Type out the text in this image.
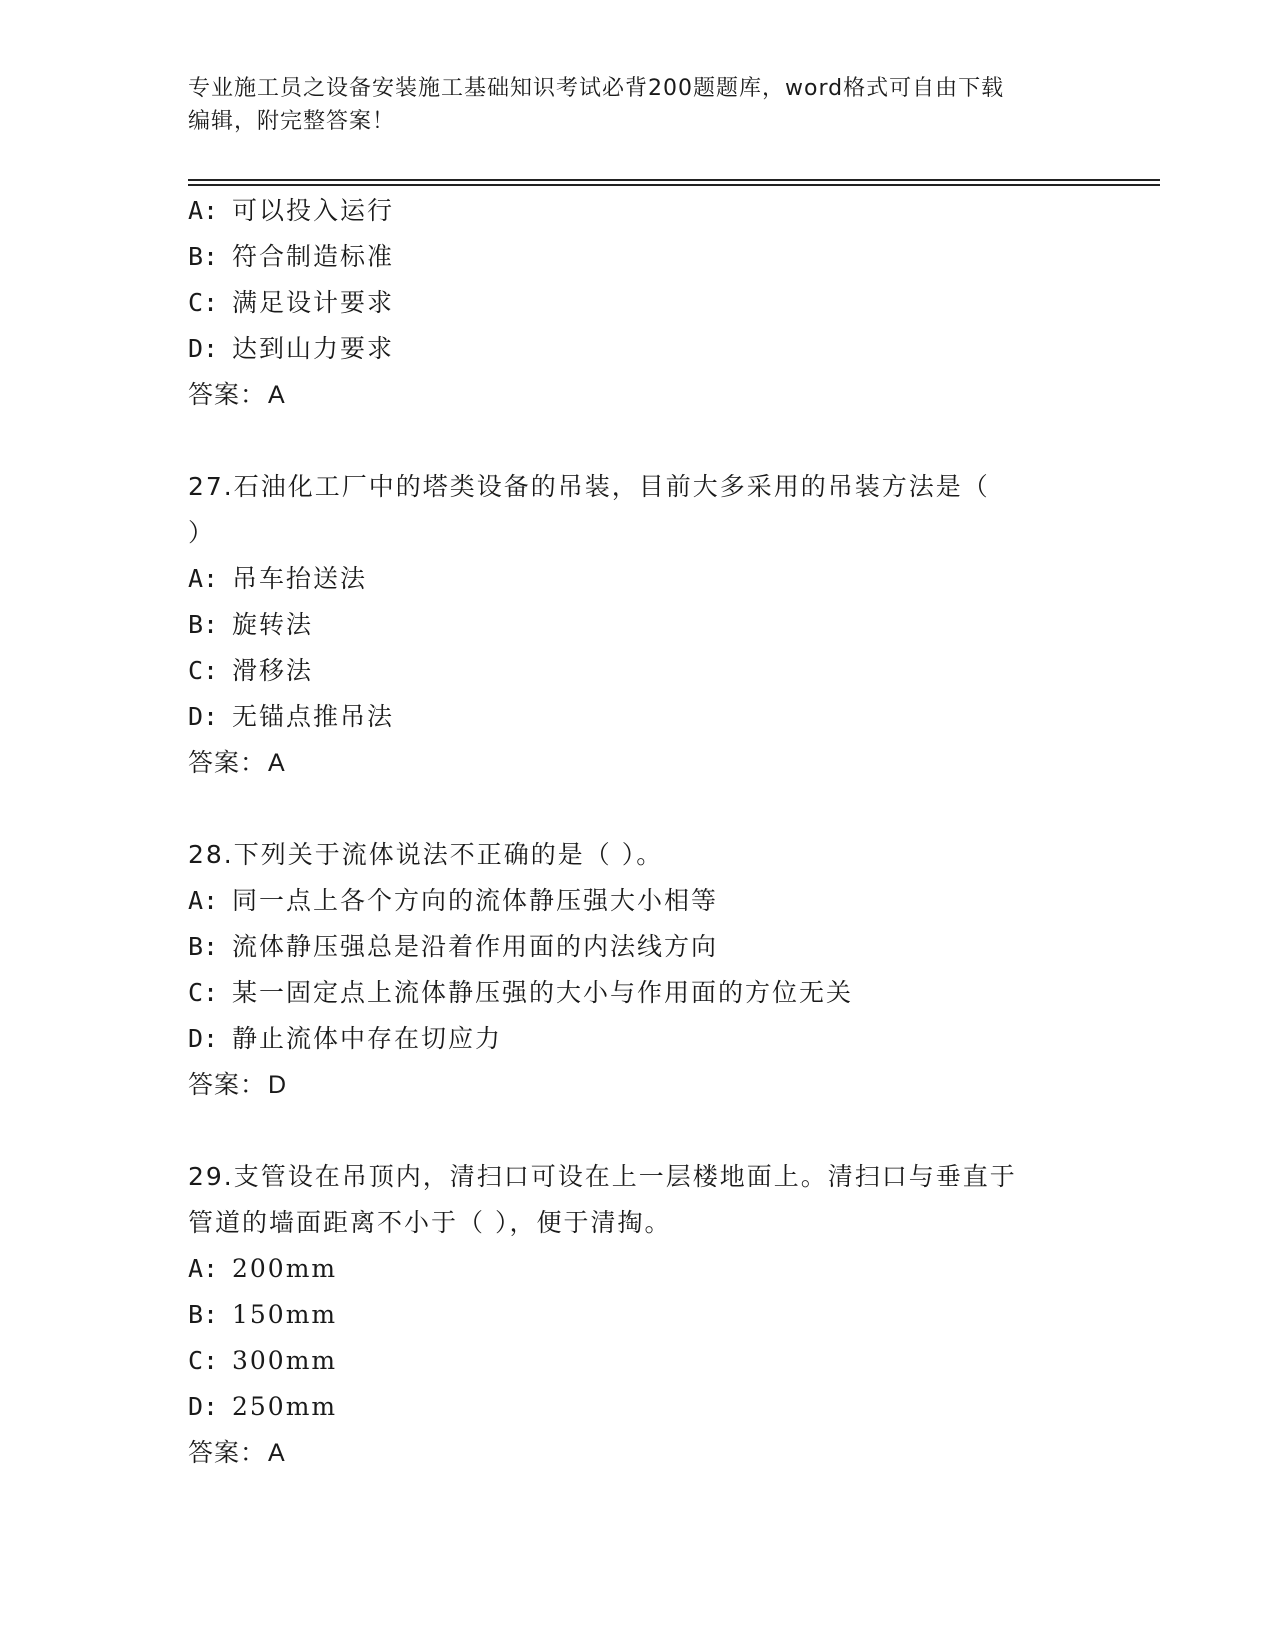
专业施工员之设备安装施工基础知识考试必背200题题库，word格式可自由下载
编辑，附完整答案！
A: 可以投入运行
B: 符合制造标准
C: 满足设计要求
D: 达到山力要求
答案：A
27.石油化工厂中的塔类设备的吊装，目前大多采用的吊装方法是（
）
A: 吊车抬送法
B: 旋转法
C: 滑移法
D: 无锚点推吊法
答案：A
28.下列关于流体说法不正确的是（ ）。
A: 同一点上各个方向的流体静压强大小相等
B: 流体静压强总是沿着作用面的内法线方向
C: 某一固定点上流体静压强的大小与作用面的方位无关
D: 静止流体中存在切应力
答案：D
29.支管设在吊顶内，清扫口可设在上一层楼地面上。清扫口与垂直于
管道的墙面距离不小于（ ），便于清掏。
A: 200mm
B: 150mm
C: 300mm
D: 250mm
答案：A
